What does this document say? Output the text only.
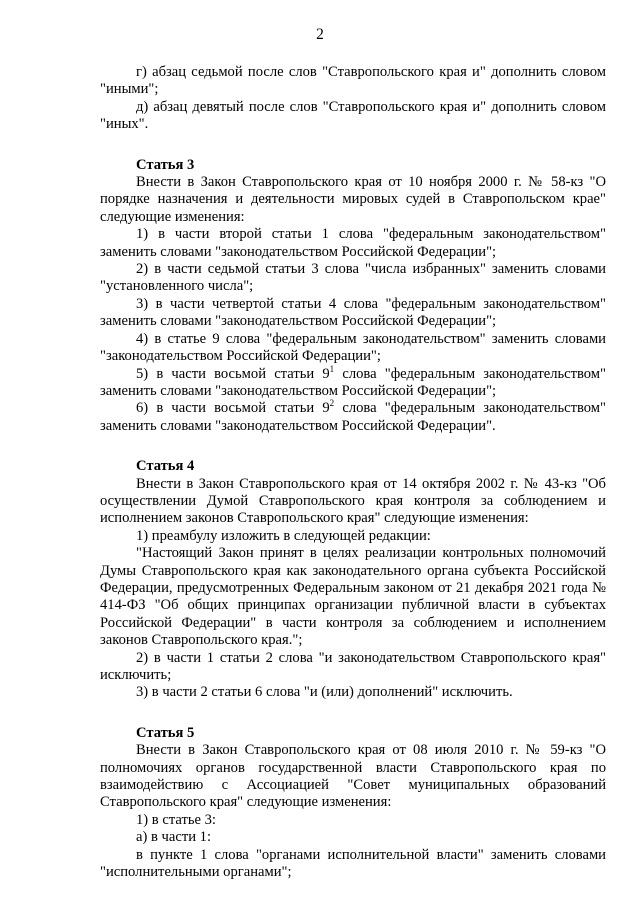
2

г) абзац седьмой после слов "Ставропольского края и" дополнить словом "иными";

д) абзац девятый после слов "Ставропольского края и" дополнить словом "иных".

Статья 3

Внести в Закон Ставропольского края от 10 ноября 2000 г. № 58-кз "О порядке назначения и деятельности мировых судей в Ставропольском крае" следующие изменения:

1) в части второй статьи 1 слова "федеральным законодательством" заменить словами "законодательством Российской Федерации";

2) в части седьмой статьи 3 слова "числа избранных" заменить словами "установленного числа";

3) в части четвертой статьи 4 слова "федеральным законодательством" заменить словами "законодательством Российской Федерации";

4) в статье 9 слова "федеральным законодательством" заменить словами "законодательством Российской Федерации";

5) в части восьмой статьи $9^1$ слова "федеральным законодательством" заменить словами "законодательством Российской Федерации";

6) в части восьмой статьи $9^2$ слова "федеральным законодательством" заменить словами "законодательством Российской Федерации".

Статья 4

Внести в Закон Ставропольского края от 14 октября 2002 г. № 43-кз "Об осуществлении Думой Ставропольского края контроля за соблюдением и исполнением законов Ставропольского края" следующие изменения:

1) преамбулу изложить в следующей редакции:

"Настоящий Закон принят в целях реализации контрольных полномочий Думы Ставропольского края как законодательного органа субъекта Российской Федерации, предусмотренных Федеральным законом от 21 декабря 2021 года № 414-ФЗ "Об общих принципах организации публичной власти в субъектах Российской Федерации" в части контроля за соблюдением и исполнением законов Ставропольского края.";

2) в части 1 статьи 2 слова "и законодательством Ставропольского края" исключить;

3) в части 2 статьи 6 слова "и (или) дополнений" исключить.

Статья 5

Внести в Закон Ставропольского края от 08 июля 2010 г. № 59-кз "О полномочиях органов государственной власти Ставропольского края по взаимодействию с Ассоциацией "Совет муниципальных образований Ставропольского края" следующие изменения:

1) в статье 3:

а) в части 1:

в пункте 1 слова "органами исполнительной власти" заменить словами "исполнительными органами";
